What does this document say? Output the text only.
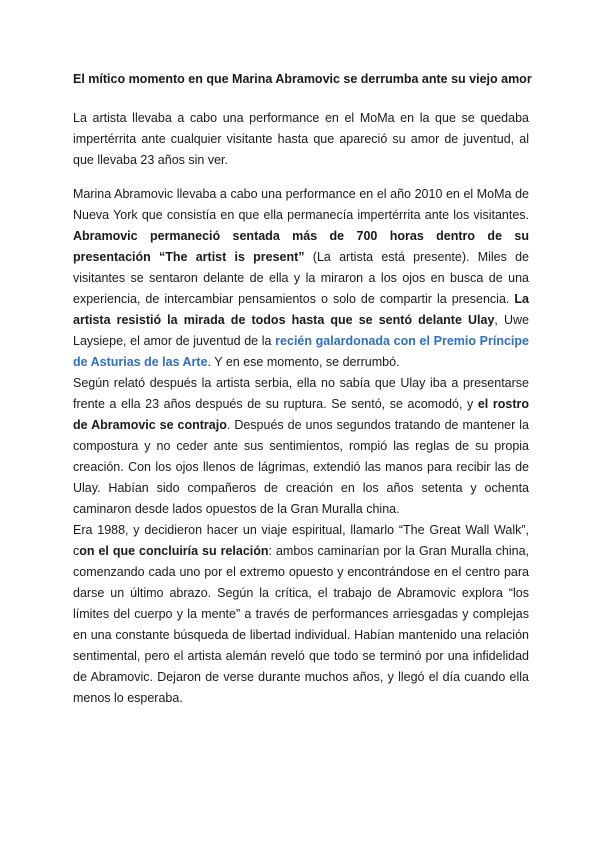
El mítico momento en que Marina Abramovic se derrumba ante su viejo amor

La artista llevaba a cabo una performance en el MoMa en la que se quedaba impertérrita ante cualquier visitante hasta que apareció su amor de juventud, al que llevaba 23 años sin ver.

Marina Abramovic llevaba a cabo una performance en el año 2010 en el MoMa de Nueva York que consistía en que ella permanecía impertérrita ante los visitantes. Abramovic permaneció sentada más de 700 horas dentro de su presentación “The artist is present” (La artista está presente). Miles de visitantes se sentaron delante de ella y la miraron a los ojos en busca de una experiencia, de intercambiar pensamientos o solo de compartir la presencia. La artista resistió la mirada de todos hasta que se sentó delante Ulay, Uwe Laysiepe, el amor de juventud de la recién galardonada con el Premio Príncipe de Asturias de las Arte. Y en ese momento, se derrumbó.

Según relató después la artista serbia, ella no sabía que Ulay iba a presentarse frente a ella 23 años después de su ruptura. Se sentó, se acomodó, y el rostro de Abramovic se contrajo. Después de unos segundos tratando de mantener la compostura y no ceder ante sus sentimientos, rompió las reglas de su propia creación. Con los ojos llenos de lágrimas, extendió las manos para recibir las de Ulay. Habían sido compañeros de creación en los años setenta y ochenta caminaron desde lados opuestos de la Gran Muralla china.

Era 1988, y decidieron hacer un viaje espiritual, llamarlo “The Great Wall Walk”, con el que concluiría su relación: ambos caminarían por la Gran Muralla china, comenzando cada uno por el extremo opuesto y encontrándose en el centro para darse un último abrazo. Según la crítica, el trabajo de Abramovic explora “los límites del cuerpo y la mente” a través de performances arriesgadas y complejas en una constante búsqueda de libertad individual. Habían mantenido una relación sentimental, pero el artista alemán reveló que todo se terminó por una infidelidad de Abramovic. Dejaron de verse durante muchos años, y llegó el día cuando ella menos lo esperaba.
